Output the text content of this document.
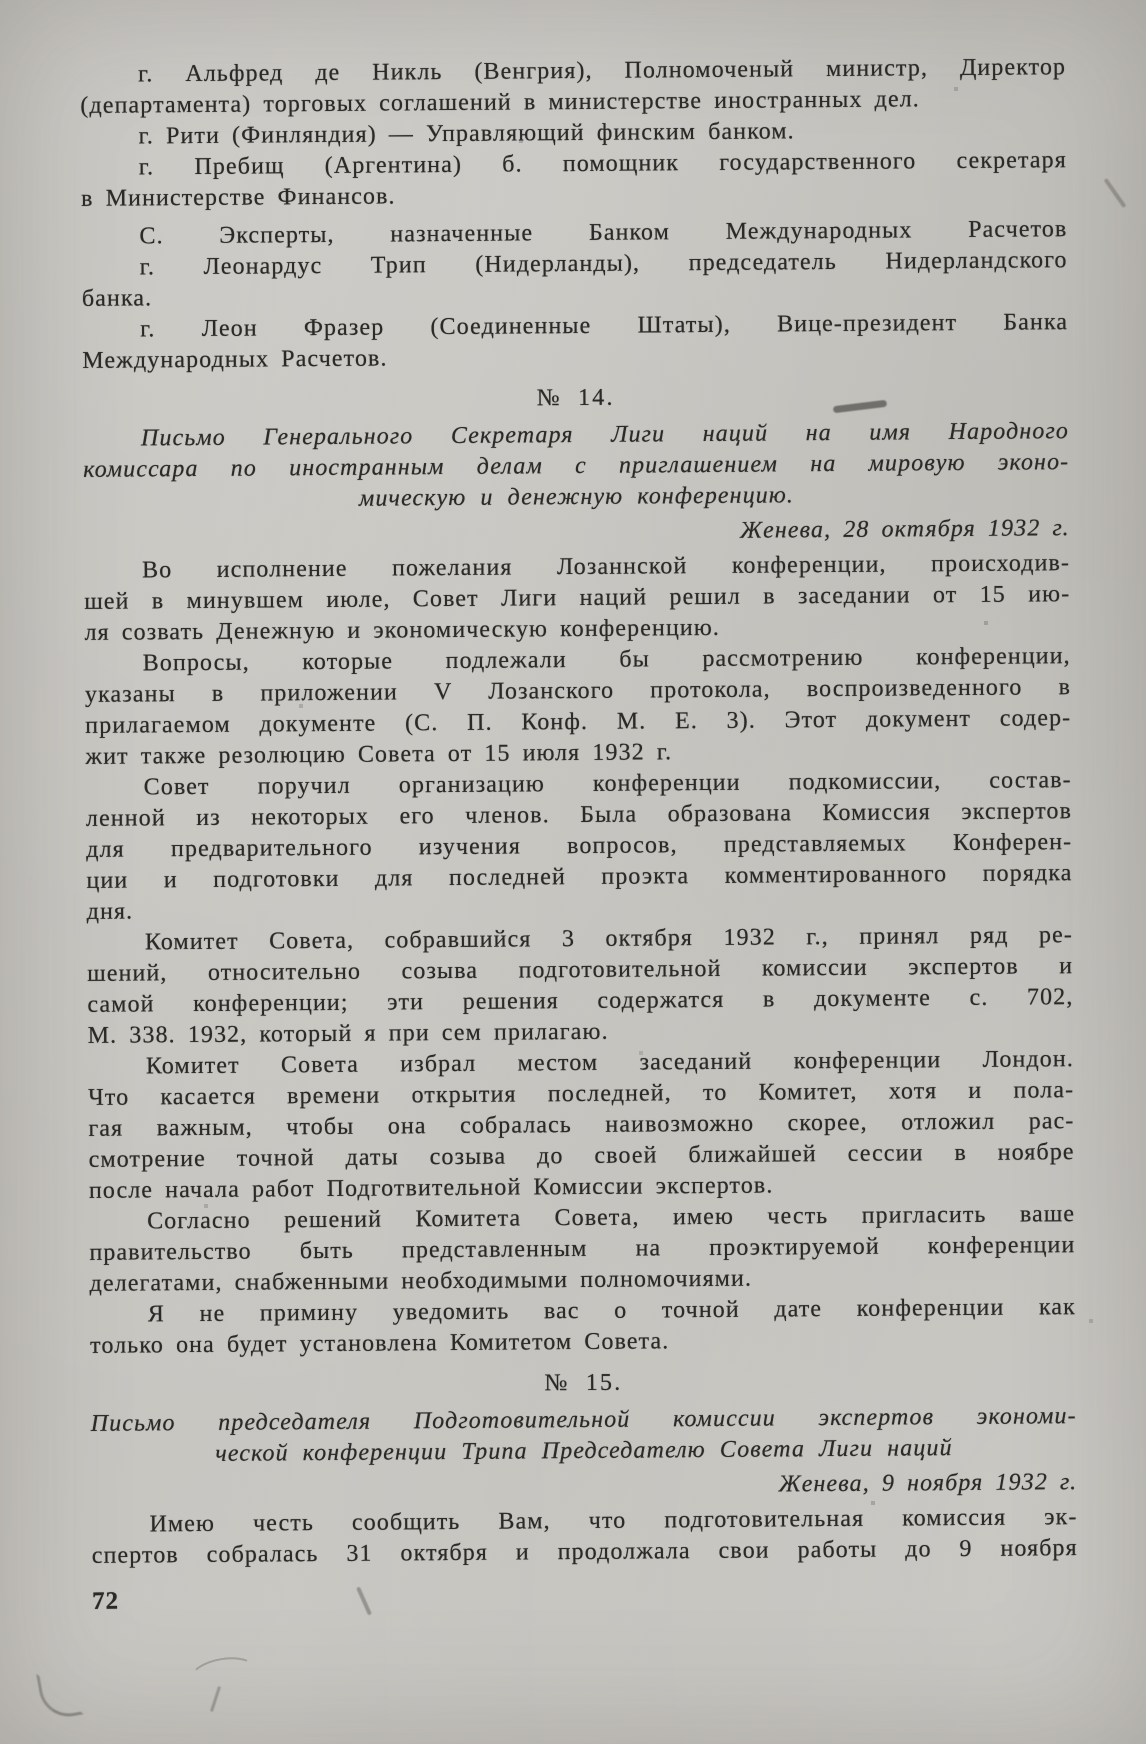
г. Альфред де Никль (Венгрия), Полномоченый министр, Директор
(департамента) торговых соглашений в министерстве иностранных дел.
г. Рити (Финляндия) — Управляющий финским банком.
г. Пребищ (Аргентина) б. помощник государственного секретаря
в Министерстве Финансов.
С. Эксперты, назначенные Банком Международных Расчетов
г. Леонардус Трип (Нидерланды), председатель Нидерландского
банка.
г. Леон Фразер (Соединенные Штаты), Вице-президент Банка
Международных Расчетов.
№ 14.
Письмо Генерального Секретаря Лиги наций на имя Народного
комиссара по иностранным делам с приглашением на мировую эконо-
мическую и денежную конференцию.
Женева, 28 октября 1932 г.
Во исполнение пожелания Лозаннской конференции, происходив-
шей в минувшем июле, Совет Лиги наций решил в заседании от 15 ию-
ля созвать Денежную и экономическую конференцию.
Вопросы, которые подлежали бы рассмотрению конференции,
указаны в приложении V Лозанского протокола, воспроизведенного в
прилагаемом документе (С. П. Конф. М. Е. 3). Этот документ содер-
жит также резолюцию Совета от 15 июля 1932 г.
Совет поручил организацию конференции подкомиссии, состав-
ленной из некоторых его членов. Была образована Комиссия экспертов
для предварительного изучения вопросов, представляемых Конферен-
ции и подготовки для последней проэкта комментированного порядка
дня.
Комитет Совета, собравшийся 3 октября 1932 г., принял ряд ре-
шений, относительно созыва подготовительной комиссии экспертов и
самой конференции; эти решения содержатся в документе с. 702,
М. 338. 1932, который я при сем прилагаю.
Комитет Совета избрал местом заседаний конференции Лондон.
Что касается времени открытия последней, то Комитет, хотя и пола-
гая важным, чтобы она собралась наивозможно скорее, отложил рас-
смотрение точной даты созыва до своей ближайшей сессии в ноябре
после начала работ Подготвительной Комиссии экспертов.
Согласно решений Комитета Совета, имею честь пригласить ваше
правительство быть представленным на проэктируемой конференции
делегатами, снабженными необходимыми полномочиями.
Я не примину уведомить вас о точной дате конференции как
только она будет установлена Комитетом Совета.
№ 15.
Письмо председателя Подготовительной комиссии экспертов экономи-
ческой конференции Трипа Председателю Совета Лиги наций
Женева, 9 ноября 1932 г.
Имею честь сообщить Вам, что подготовительная комиссия эк-
спертов собралась 31 октября и продолжала свои работы до 9 ноября
72
